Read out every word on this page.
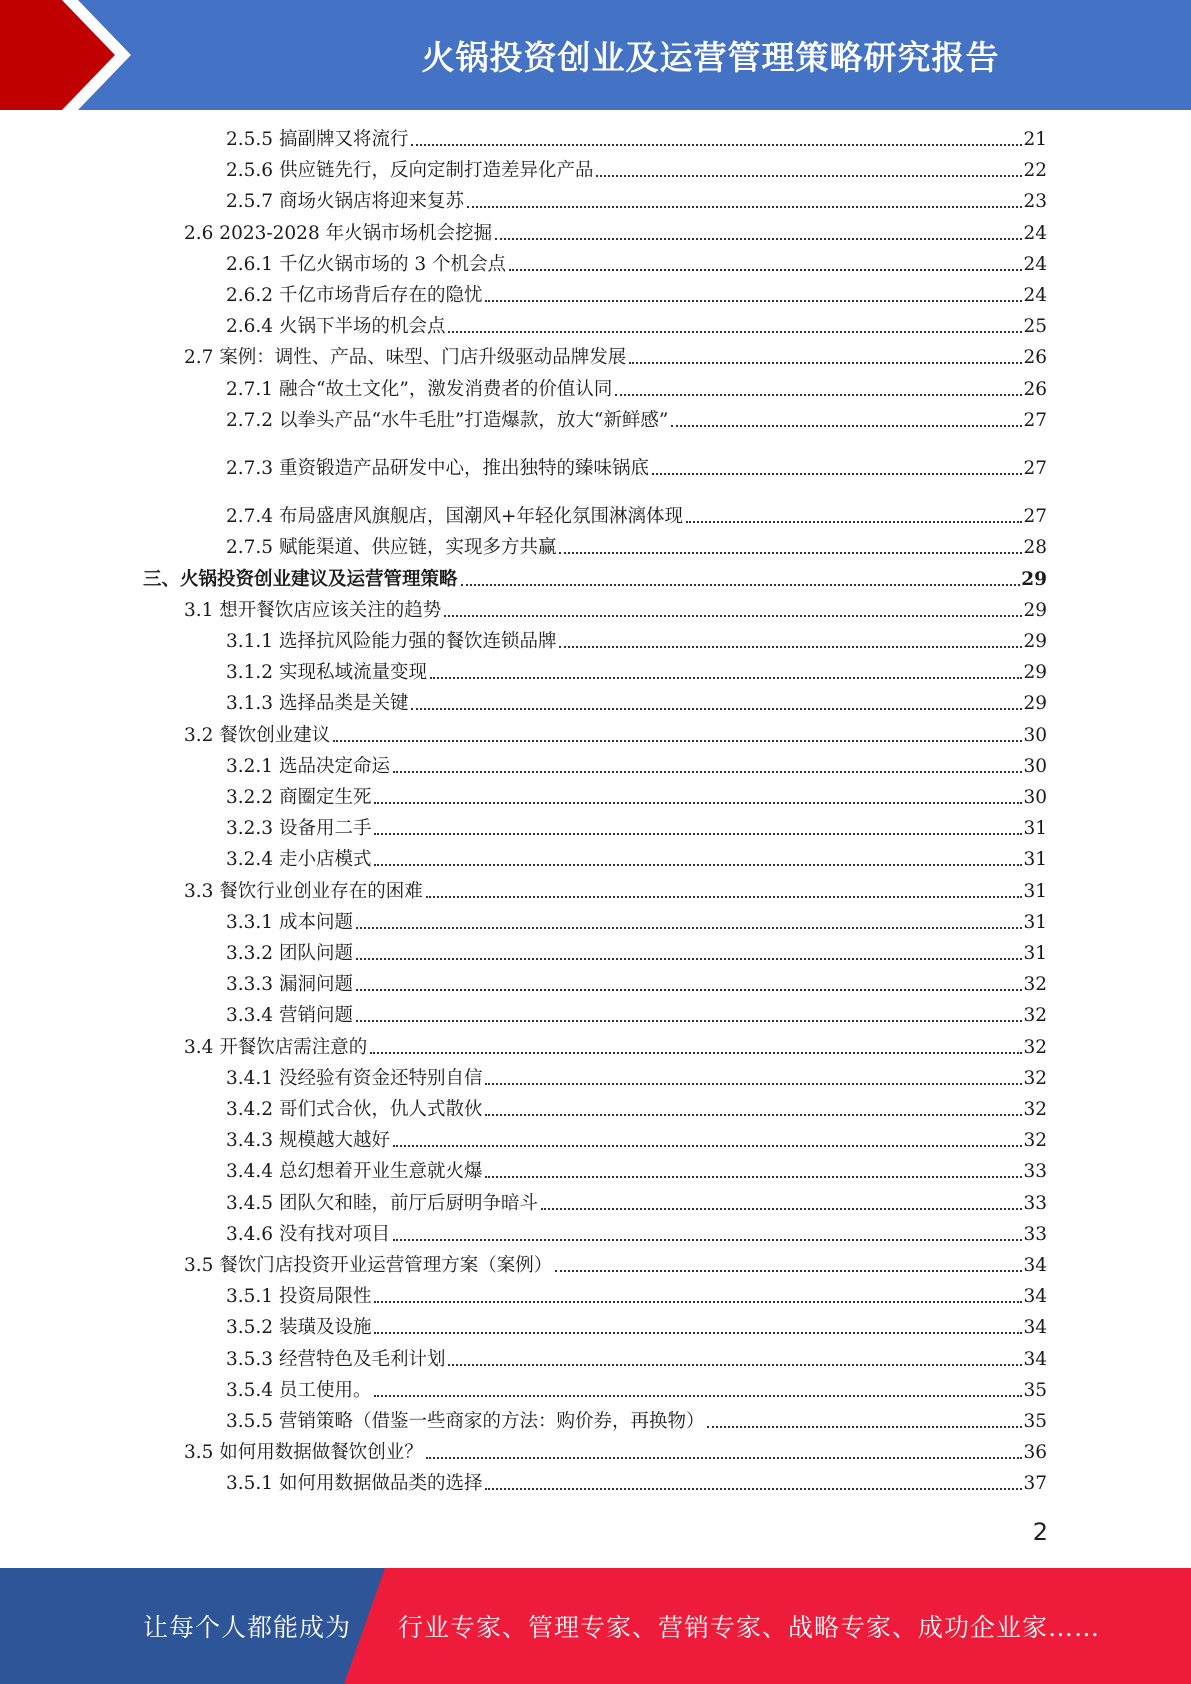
火锅投资创业及运营管理策略研究报告
2.5.5 搞副牌又将流行	21
2.5.6 供应链先行，反向定制打造差异化产品	22
2.5.7 商场火锅店将迎来复苏	23
2.6 2023-2028 年火锅市场机会挖掘	24
2.6.1 千亿火锅市场的 3 个机会点	24
2.6.2 千亿市场背后存在的隐忧	24
2.6.4 火锅下半场的机会点	25
2.7 案例：调性、产品、味型、门店升级驱动品牌发展	26
2.7.1 融合“故土文化”，激发消费者的价值认同	26
2.7.2 以拳头产品“水牛毛肚”打造爆款，放大“新鲜感”	27
2.7.3 重资锻造产品研发中心，推出独特的臻味锅底	27
2.7.4 布局盛唐风旗舰店，国潮风+年轻化氛围淋漓体现	27
2.7.5 赋能渠道、供应链，实现多方共赢	28
三、火锅投资创业建议及运营管理策略	29
3.1 想开餐饮店应该关注的趋势	29
3.1.1 选择抗风险能力强的餐饮连锁品牌	29
3.1.2 实现私域流量变现	29
3.1.3 选择品类是关键	29
3.2 餐饮创业建议	30
3.2.1 选品决定命运	30
3.2.2 商圈定生死	30
3.2.3 设备用二手	31
3.2.4 走小店模式	31
3.3 餐饮行业创业存在的困难	31
3.3.1 成本问题	31
3.3.2 团队问题	31
3.3.3 漏洞问题	32
3.3.4 营销问题	32
3.4 开餐饮店需注意的	32
3.4.1 没经验有资金还特别自信	32
3.4.2 哥们式合伙，仇人式散伙	32
3.4.3 规模越大越好	32
3.4.4 总幻想着开业生意就火爆	33
3.4.5 团队欠和睦，前厅后厨明争暗斗	33
3.4.6 没有找对项目	33
3.5 餐饮门店投资开业运营管理方案（案例）	34
3.5.1 投资局限性	34
3.5.2 装璜及设施	34
3.5.3 经营特色及毛利计划	34
3.5.4 员工使用。	35
3.5.5 营销策略（借鉴一些商家的方法：购价券，再换物）	35
3.5 如何用数据做餐饮创业？	36
3.5.1 如何用数据做品类的选择	37
2
让每个人都能成为 行业专家、管理专家、营销专家、战略专家、成功企业家……
